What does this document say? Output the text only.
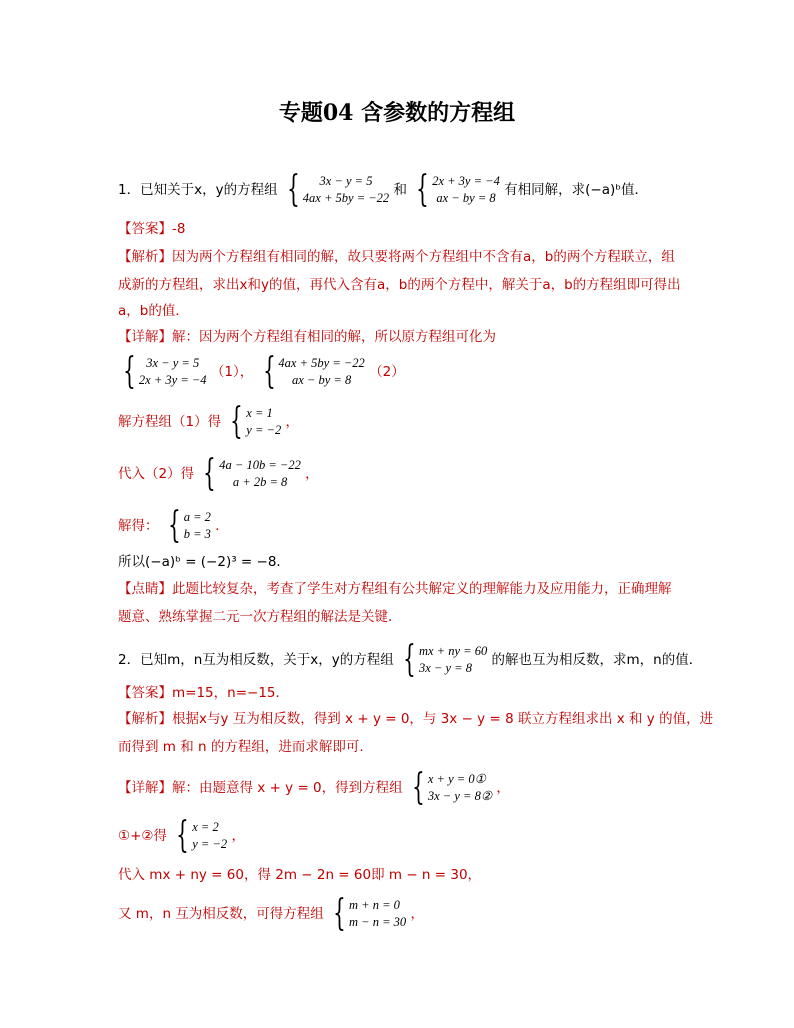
专题04 含参数的方程组
1．已知关于x，y的方程组 {	3x − y = 5
4ax + 5by = −22 和 { 2x + 3y = −4
ax − by = 8 有相同解，求(−a)ᵇ值．
【答案】-8
【解析】因为两个方程组有相同的解，故只要将两个方程组中不含有a，b的两个方程联立，组
成新的方程组，求出x和y的值，再代入含有a，b的两个方程中，解关于a，b的方程组即可得出
a，b的值．
【详解】解：因为两个方程组有相同的解，所以原方程组可化为
{ 3x − y = 5
2x + 3y = −4 （1）， { 4ax + 5by = −22
ax − by = 8	（2）
解方程组（1）得 { x = 1
y = −2 ，
代入（2）得 { 4a − 10b = −22
a + 2b = 8	，
解得： { a = 2
b = 3 ．
所以(−a)ᵇ = (−2)³ = −8．
【点睛】此题比较复杂，考查了学生对方程组有公共解定义的理解能力及应用能力，正确理解
题意、熟练掌握二元一次方程组的解法是关键．
2．已知m，n互为相反数，关于x，y的方程组 { mx + ny = 60
3x − y = 8	的解也互为相反数，求m，n的值．
【答案】m=15，n=−15．
【解析】根据x与y 互为相反数，得到 x + y = 0，与 3x − y = 8 联立方程组求出 x 和 y 的值，进
而得到 m 和 n 的方程组，进而求解即可.
【详解】解：由题意得 x + y = 0，得到方程组 { x + y = 0①
3x − y = 8② ，
①+②得 { x = 2
y = −2 ，
代入 mx + ny = 60，得 2m − 2n = 60即 m − n = 30，
又 m，n 互为相反数，可得方程组 { m + n = 0
m − n = 30 ，
